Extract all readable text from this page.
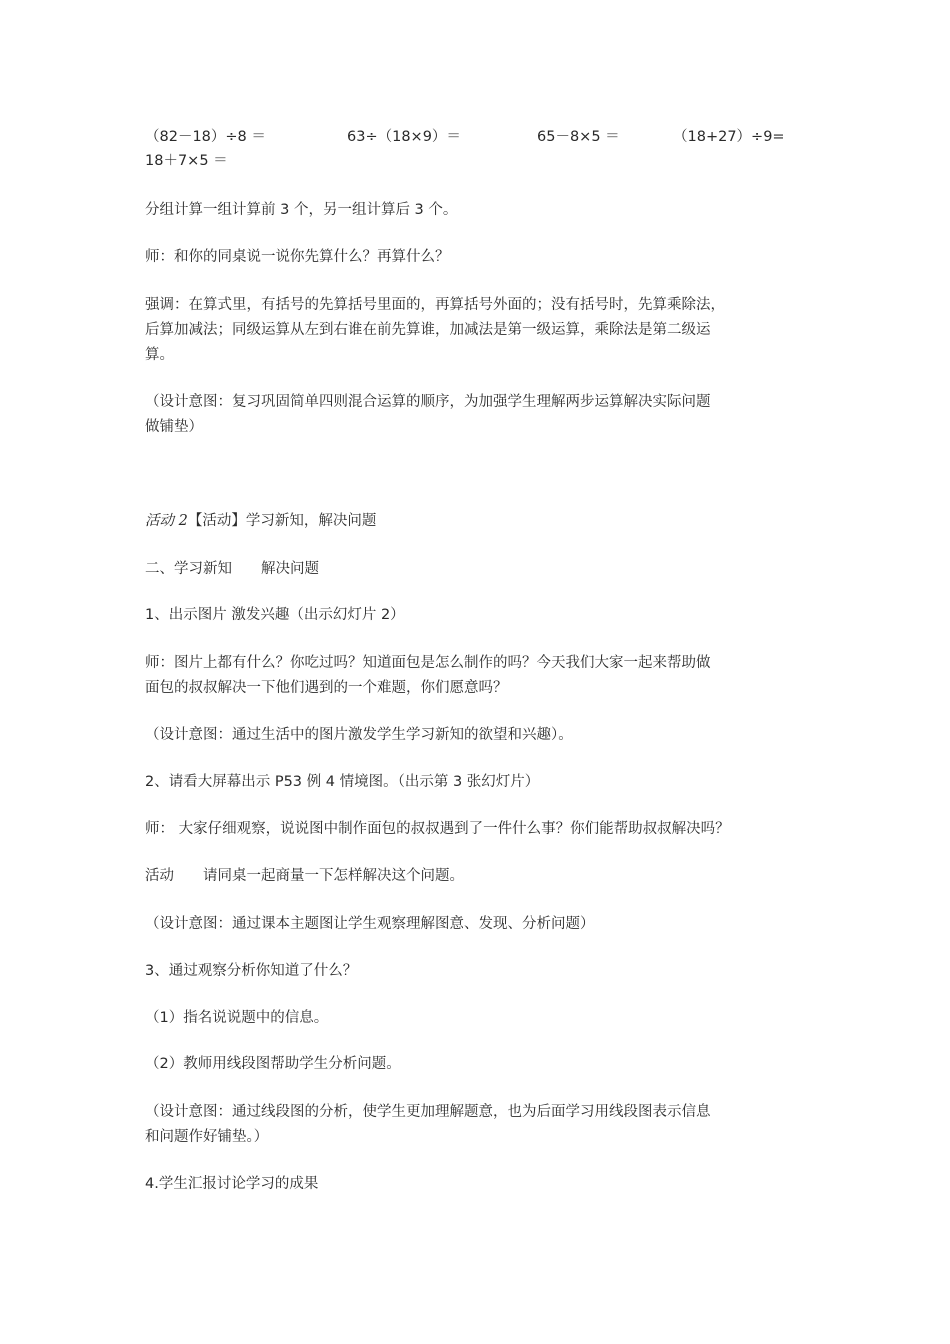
（82－18）÷8 ＝	63÷（18×9）＝	65－8×5 ＝	（18+27）÷9=
18＋7×5 ＝
分组计算一组计算前 3 个，另一组计算后 3 个。
师：和你的同桌说一说你先算什么？再算什么？
强调：在算式里，有括号的先算括号里面的，再算括号外面的；没有括号时，先算乘除法，
后算加减法；同级运算从左到右谁在前先算谁，加减法是第一级运算，乘除法是第二级运
算。
（设计意图：复习巩固简单四则混合运算的顺序，为加强学生理解两步运算解决实际问题
做铺垫）
活动 2【活动】学习新知，解决问题
二、学习新知　　解决问题
1、出示图片 激发兴趣（出示幻灯片 2）
师：图片上都有什么？你吃过吗？知道面包是怎么制作的吗？今天我们大家一起来帮助做
面包的叔叔解决一下他们遇到的一个难题，你们愿意吗？
（设计意图：通过生活中的图片激发学生学习新知的欲望和兴趣）。
2、请看大屏幕出示 P53 例 4 情境图。（出示第 3 张幻灯片）
师： 大家仔细观察，说说图中制作面包的叔叔遇到了一件什么事？你们能帮助叔叔解决吗？
活动　　请同桌一起商量一下怎样解决这个问题。
（设计意图：通过课本主题图让学生观察理解图意、发现、分析问题）
3、通过观察分析你知道了什么？
（1）指名说说题中的信息。
（2）教师用线段图帮助学生分析问题。
（设计意图：通过线段图的分析，使学生更加理解题意，也为后面学习用线段图表示信息
和问题作好铺垫。）
4.学生汇报讨论学习的成果
